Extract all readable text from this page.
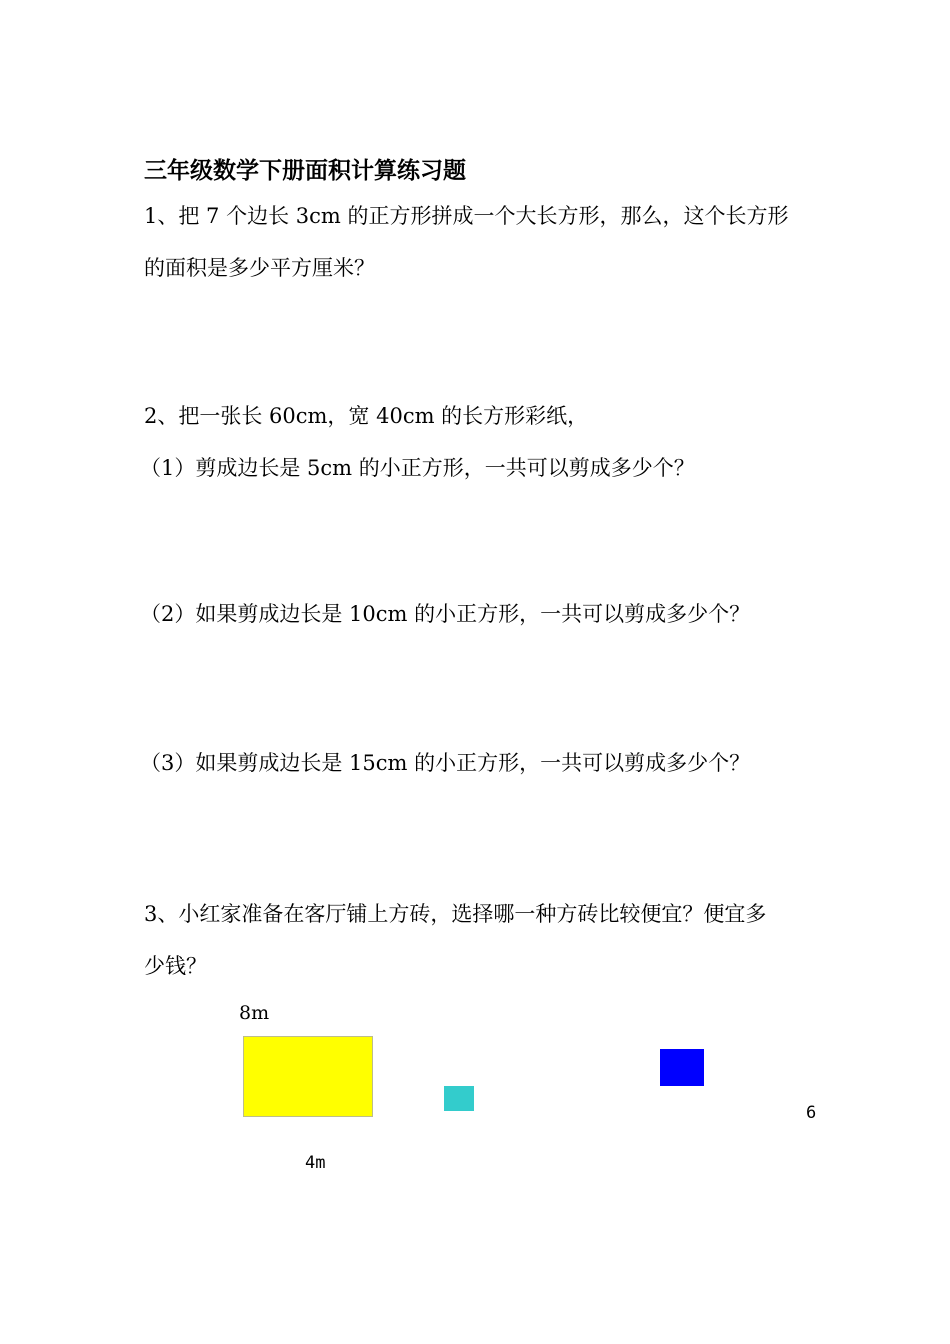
三年级数学下册面积计算练习题
1、把 7 个边长 3cm 的正方形拼成一个大长方形，那么，这个长方形
的面积是多少平方厘米？
2、把一张长 60cm，宽 40cm 的长方形彩纸，
（1）剪成边长是 5cm 的小正方形，一共可以剪成多少个？
（2）如果剪成边长是 10cm 的小正方形，一共可以剪成多少个？
（3）如果剪成边长是 15cm 的小正方形，一共可以剪成多少个？
3、小红家准备在客厅铺上方砖，选择哪一种方砖比较便宜？便宜多
少钱？
8m
6
4m
